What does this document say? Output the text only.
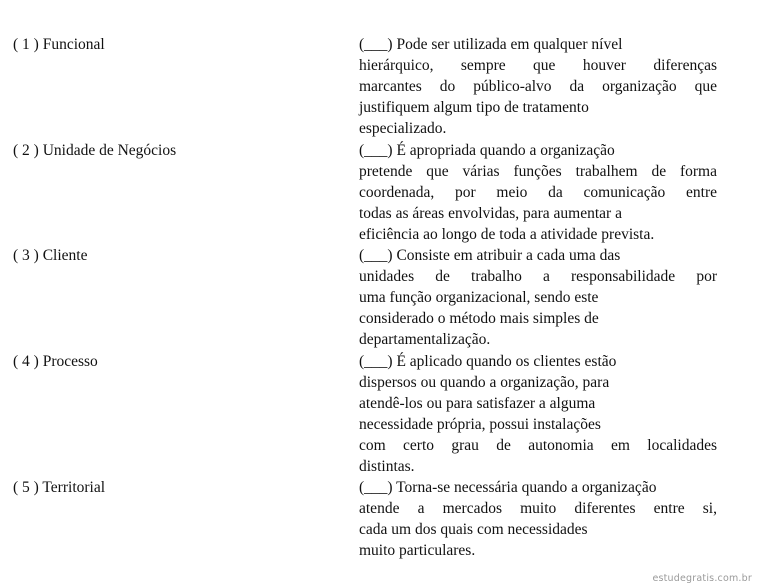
( 1 ) Funcional	(___) Pode ser utilizada em qualquer nível
hierárquico, sempre que houver diferenças
marcantes do público-alvo da organização que
justifiquem algum tipo de tratamento
especializado.
( 2 ) Unidade de Negócios	(___) É apropriada quando a organização
pretende que várias funções trabalhem de forma
coordenada, por meio da comunicação entre
todas as áreas envolvidas, para aumentar a
eficiência ao longo de toda a atividade prevista.
( 3 ) Cliente	(___) Consiste em atribuir a cada uma das
unidades de trabalho a responsabilidade por
uma função organizacional, sendo este
considerado o método mais simples de
departamentalização.
( 4 ) Processo	(___) É aplicado quando os clientes estão
dispersos ou quando a organização, para
atendê-los ou para satisfazer a alguma
necessidade própria, possui instalações
com certo grau de autonomia em localidades
distintas.
( 5 ) Territorial	(___) Torna-se necessária quando a organização
atende a mercados muito diferentes entre si,
cada um dos quais com necessidades
muito particulares.
estudegratis.com.br
